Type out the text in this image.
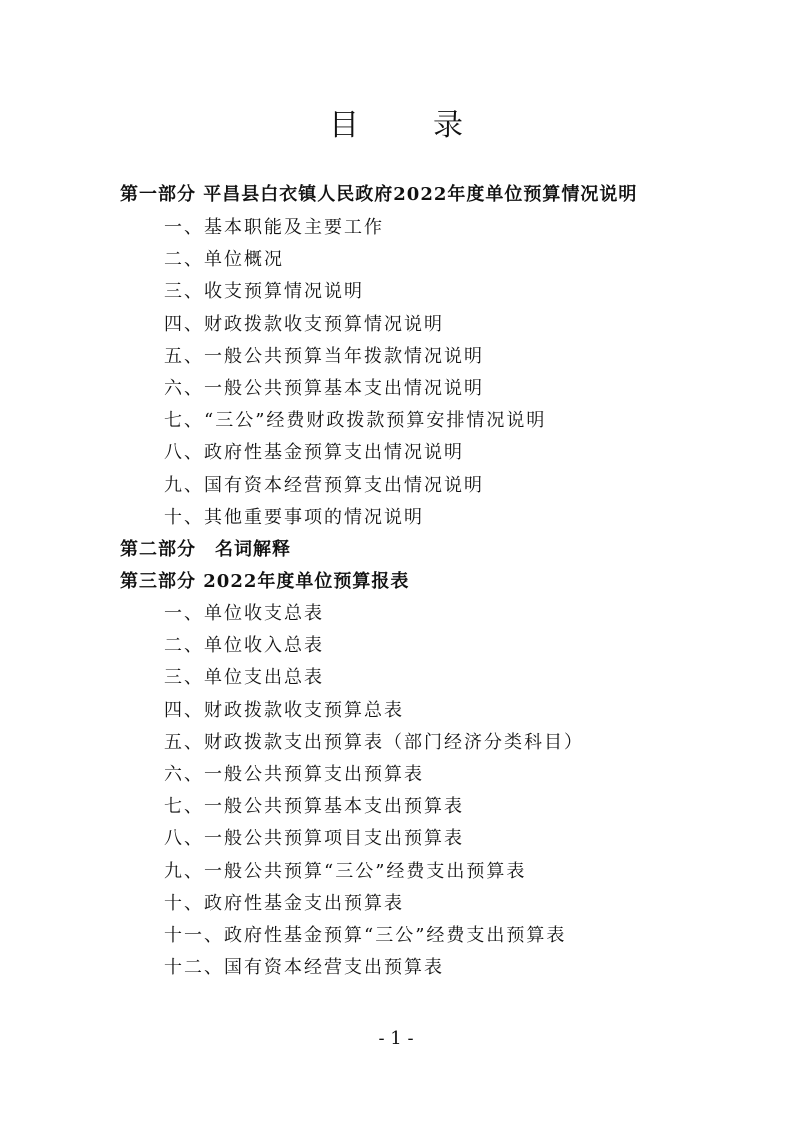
目　录
第一部分 平昌县白衣镇人民政府2022年度单位预算情况说明
一、基本职能及主要工作
二、单位概况
三、收支预算情况说明
四、财政拨款收支预算情况说明
五、一般公共预算当年拨款情况说明
六、一般公共预算基本支出情况说明
七、“三公”经费财政拨款预算安排情况说明
八、政府性基金预算支出情况说明
九、国有资本经营预算支出情况说明
十、其他重要事项的情况说明
第二部分　名词解释
第三部分 2022年度单位预算报表
一、单位收支总表
二、单位收入总表
三、单位支出总表
四、财政拨款收支预算总表
五、财政拨款支出预算表（部门经济分类科目）
六、一般公共预算支出预算表
七、一般公共预算基本支出预算表
八、一般公共预算项目支出预算表
九、一般公共预算“三公”经费支出预算表
十、政府性基金支出预算表
十一、政府性基金预算“三公”经费支出预算表
十二、国有资本经营支出预算表
- 1 -
